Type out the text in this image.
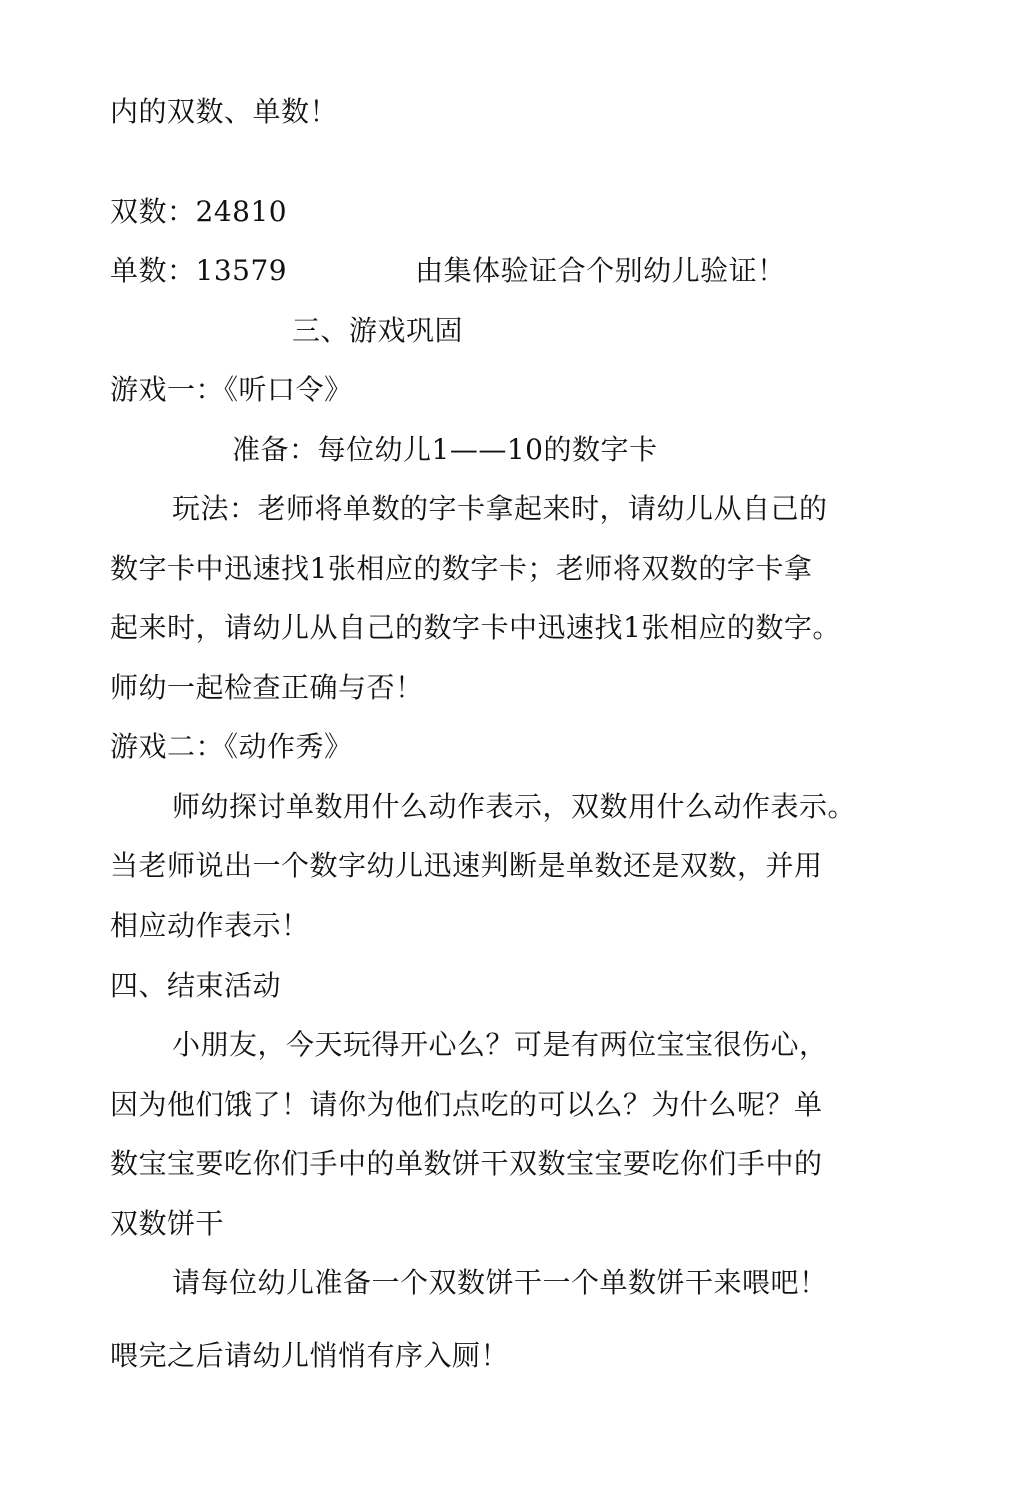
内的双数、单数！
双数：24810
单数：13579	由集体验证合个别幼儿验证！
三、游戏巩固
游戏一：《听口令》
准备：每位幼儿1——10的数字卡
玩法：老师将单数的字卡拿起来时，请幼儿从自己的
数字卡中迅速找1张相应的数字卡；老师将双数的字卡拿
起来时，请幼儿从自己的数字卡中迅速找1张相应的数字。
师幼一起检查正确与否！
游戏二：《动作秀》
师幼探讨单数用什么动作表示，双数用什么动作表示。
当老师说出一个数字幼儿迅速判断是单数还是双数，并用
相应动作表示！
四、结束活动
小朋友，今天玩得开心么？可是有两位宝宝很伤心，
因为他们饿了！请你为他们点吃的可以么？为什么呢？单
数宝宝要吃你们手中的单数饼干双数宝宝要吃你们手中的
双数饼干
请每位幼儿准备一个双数饼干一个单数饼干来喂吧！
喂完之后请幼儿悄悄有序入厕！
